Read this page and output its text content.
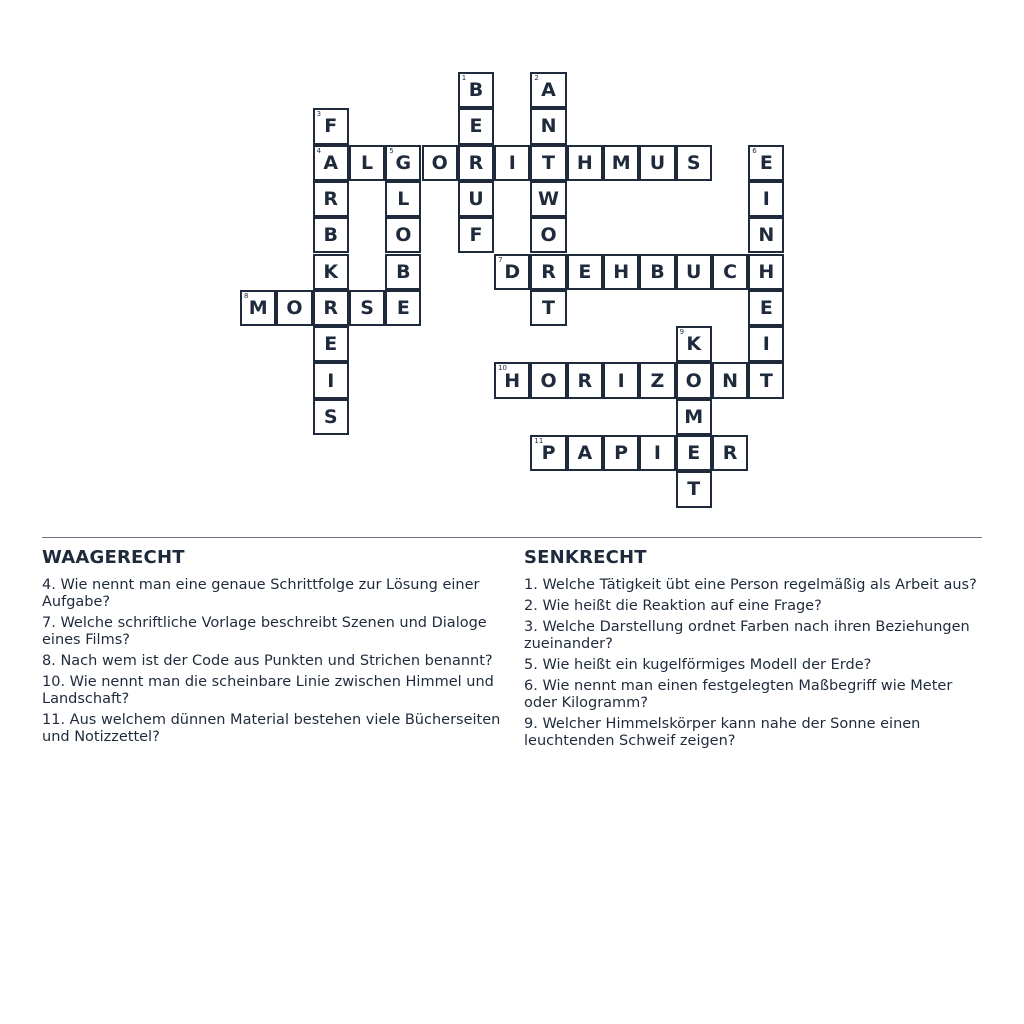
1
B
E
R
U
F
2
A
N
T
W
O
R
T
3
F
4
A
R
B
K
R
E
I
S
L
5
G	O	I	H M	U	S
L
O
B
E
6
E
I
N
H
E
I
T
7
D	E	H	B	U	C
8
M O	S
9
K
O
M
E
T
10
H	O	R	I	Z	N
11
P	A	P	I	R
WAAGERECHT
4. Wie nennt man eine genaue Schrittfolge zur Lösung einer Aufgabe?
7. Welche schriftliche Vorlage beschreibt Szenen und Dialoge eines Films?
8. Nach wem ist der Code aus Punkten und Strichen benannt?
10. Wie nennt man die scheinbare Linie zwischen Himmel und Landschaft?
11. Aus welchem dünnen Material bestehen viele Bücherseiten und Notizzettel?
SENKRECHT
1. Welche Tätigkeit übt eine Person regelmäßig als Arbeit aus?
2. Wie heißt die Reaktion auf eine Frage?
3. Welche Darstellung ordnet Farben nach ihren Beziehungen zueinander?
5. Wie heißt ein kugelförmiges Modell der Erde?
6. Wie nennt man einen festgelegten Maßbegriff wie Meter oder Kilogramm?
9. Welcher Himmelskörper kann nahe der Sonne einen leuchtenden Schweif zeigen?
